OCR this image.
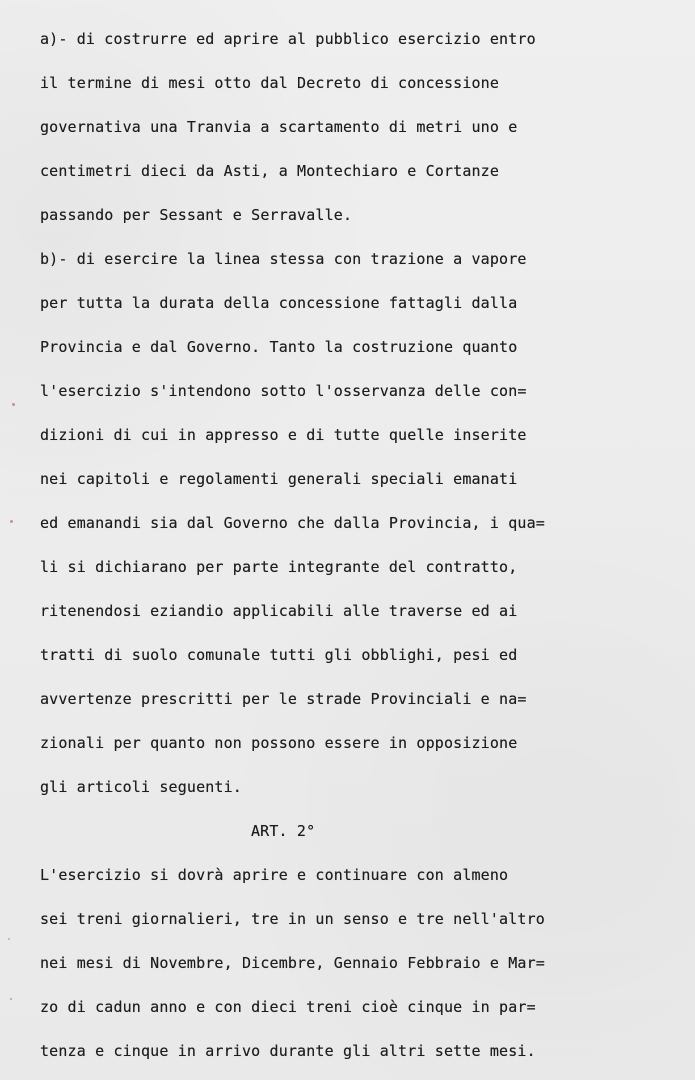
a)- di costrurre ed aprire al pubblico esercizio entro
il termine di mesi otto dal Decreto di concessione
governativa una Tranvia a scartamento di metri uno e
centimetri dieci da Asti, a Montechiaro e Cortanze
passando per Sessant e Serravalle.
b)- di esercire la linea stessa con trazione a vapore
per tutta la durata della concessione fattagli dalla
Provincia e dal Governo. Tanto la costruzione quanto
l'esercizio s'intendono sotto l'osservanza delle con=
dizioni di cui in appresso e di tutte quelle inserite
nei capitoli e regolamenti generali speciali emanati
ed emanandi sia dal Governo che dalla Provincia, i qua=
li si dichiarano per parte integrante del contratto,
ritenendosi eziandio applicabili alle traverse ed ai
tratti di suolo comunale tutti gli obblighi, pesi ed
avvertenze prescritti per le strade Provinciali e na=
zionali per quanto non possono essere in opposizione
gli articoli seguenti.
ART. 2°
L'esercizio si dovrà aprire e continuare con almeno
sei treni giornalieri, tre in un senso e tre nell'altro
nei mesi di Novembre, Dicembre, Gennaio Febbraio e Mar=
zo di cadun anno e con dieci treni cioè cinque in par=
tenza e cinque in arrivo durante gli altri sette mesi.
